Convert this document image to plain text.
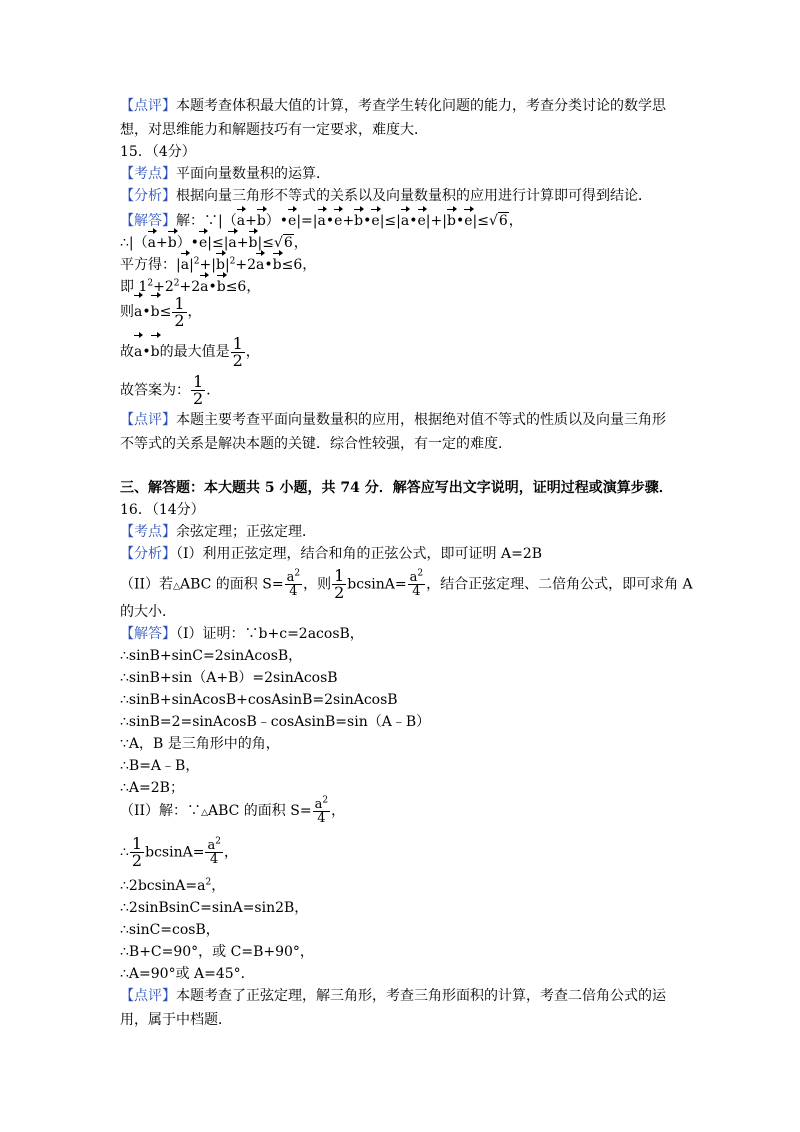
【点评】本题考查体积最大值的计算，考查学生转化问题的能力，考查分类讨论的数学思
想，对思维能力和解题技巧有一定要求，难度大．
15．（4分）
【考点】平面向量数量积的运算．
【分析】根据向量三角形不等式的关系以及向量数量积的应用进行计算即可得到结论．
【解答】解：∵|（a+b）•e|=|a•e+b•e|≤|a•e|+|b•e|≤√6，
∴|（a+b）•e|≤|a+b|≤√6，
平方得：$|a|^2+|b|^2+2a•b\le 6$，
即 $1^2+2^2+2a•b\le 6$，
则a•b≤ $\frac{1}{2}$ ，
故a•b的最大值是 $\frac{1}{2}$ ，
故答案为： $\frac{1}{2}$ ．
【点评】本题主要考查平面向量数量积的应用，根据绝对值不等式的性质以及向量三角形
不等式的关系是解决本题的关键．综合性较强，有一定的难度．
三、解答题：本大题共 5 小题，共 74 分．解答应写出文字说明，证明过程或演算步骤．
16．（14分）
【考点】余弦定理；正弦定理．
【分析】（I）利用正弦定理，结合和角的正弦公式，即可证明 A=2B
（II）若△ABC 的面积 $S= \frac{a^2}{4}$ ，则 $\frac{1}{2} bcsinA= \frac{a^2}{4}$ ，结合正弦定理、二倍角公式，即可求角 A
的大小．
【解答】（I）证明：∵b+c=2acosB，
∴sinB+sinC=2sinAcosB，
∴sinB+sin（A+B）=2sinAcosB
∴sinB+sinAcosB+cosAsinB=2sinAcosB
∴sinB=2=sinAcosB﹣cosAsinB=sin（A﹣B）
∵A，B 是三角形中的角，
∴B=A﹣B，
∴A=2B；
（II）解：∵△ABC 的面积 $S= \frac{a^2}{4}$ ，
∴ $\frac{1}{2} bcsinA= \frac{a^2}{4}$ ，
$\therefore 2bcsinA=a^2$，
∴2sinBsinC=sinA=sin2B，
∴sinC=cosB，
∴B+C=90°，或 C=B+90°，
∴A=90°或 A=45°．
【点评】本题考查了正弦定理，解三角形，考查三角形面积的计算，考查二倍角公式的运
用，属于中档题．
